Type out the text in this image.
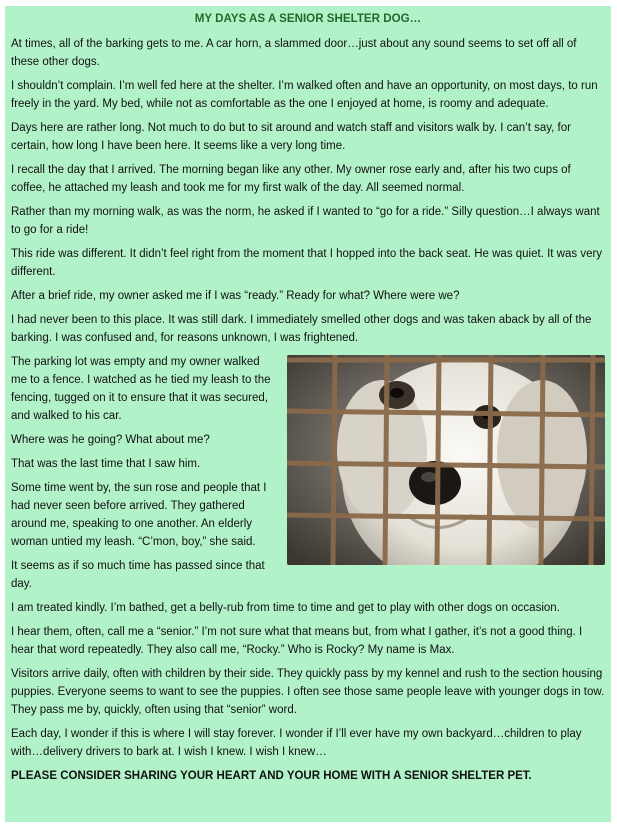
MY DAYS AS A SENIOR SHELTER DOG…

At times, all of the barking gets to me. A car horn, a slammed door…just about any sound seems to set off all of these other dogs.

I shouldn’t complain. I’m well fed here at the shelter. I’m walked often and have an opportunity, on most days, to run freely in the yard. My bed, while not as comfortable as the one I enjoyed at home, is roomy and adequate.

Days here are rather long. Not much to do but to sit around and watch staff and visitors walk by. I can’t say, for certain, how long I have been here. It seems like a very long time.

I recall the day that I arrived. The morning began like any other. My owner rose early and, after his two cups of coffee, he attached my leash and took me for my first walk of the day. All seemed normal.

Rather than my morning walk, as was the norm, he asked if I wanted to “go for a ride.” Silly question…I always want to go for a ride!

This ride was different. It didn’t feel right from the moment that I hopped into the back seat. He was quiet. It was very different.

After a brief ride, my owner asked me if I was “ready.” Ready for what? Where were we?

I had never been to this place. It was still dark. I immediately smelled other dogs and was taken aback by all of the barking. I was confused and, for reasons unknown, I was frightened.

The parking lot was empty and my owner walked me to a fence. I watched as he tied my leash to the fencing, tugged on it to ensure that it was secured, and walked to his car.

Where was he going? What about me?

That was the last time that I saw him.

Some time went by, the sun rose and people that I had never seen before arrived. They gathered around me, speaking to one another. An elderly woman untied my leash. “C’mon, boy,” she said.

It seems as if so much time has passed since that day.

I am treated kindly. I’m bathed, get a belly-rub from time to time and get to play with other dogs on occasion.

I hear them, often, call me a “senior.” I’m not sure what that means but, from what I gather, it’s not a good thing. I hear that word repeatedly. They also call me, “Rocky.” Who is Rocky? My name is Max.

Visitors arrive daily, often with children by their side. They quickly pass by my kennel and rush to the section housing puppies. Everyone seems to want to see the puppies. I often see those same people leave with younger dogs in tow. They pass me by, quickly, often using that “senior” word.

Each day, I wonder if this is where I will stay forever. I wonder if I’ll ever have my own backyard…children to play with…delivery drivers to bark at. I wish I knew. I wish I knew…

PLEASE CONSIDER SHARING YOUR HEART AND YOUR HOME WITH A SENIOR SHELTER PET.
